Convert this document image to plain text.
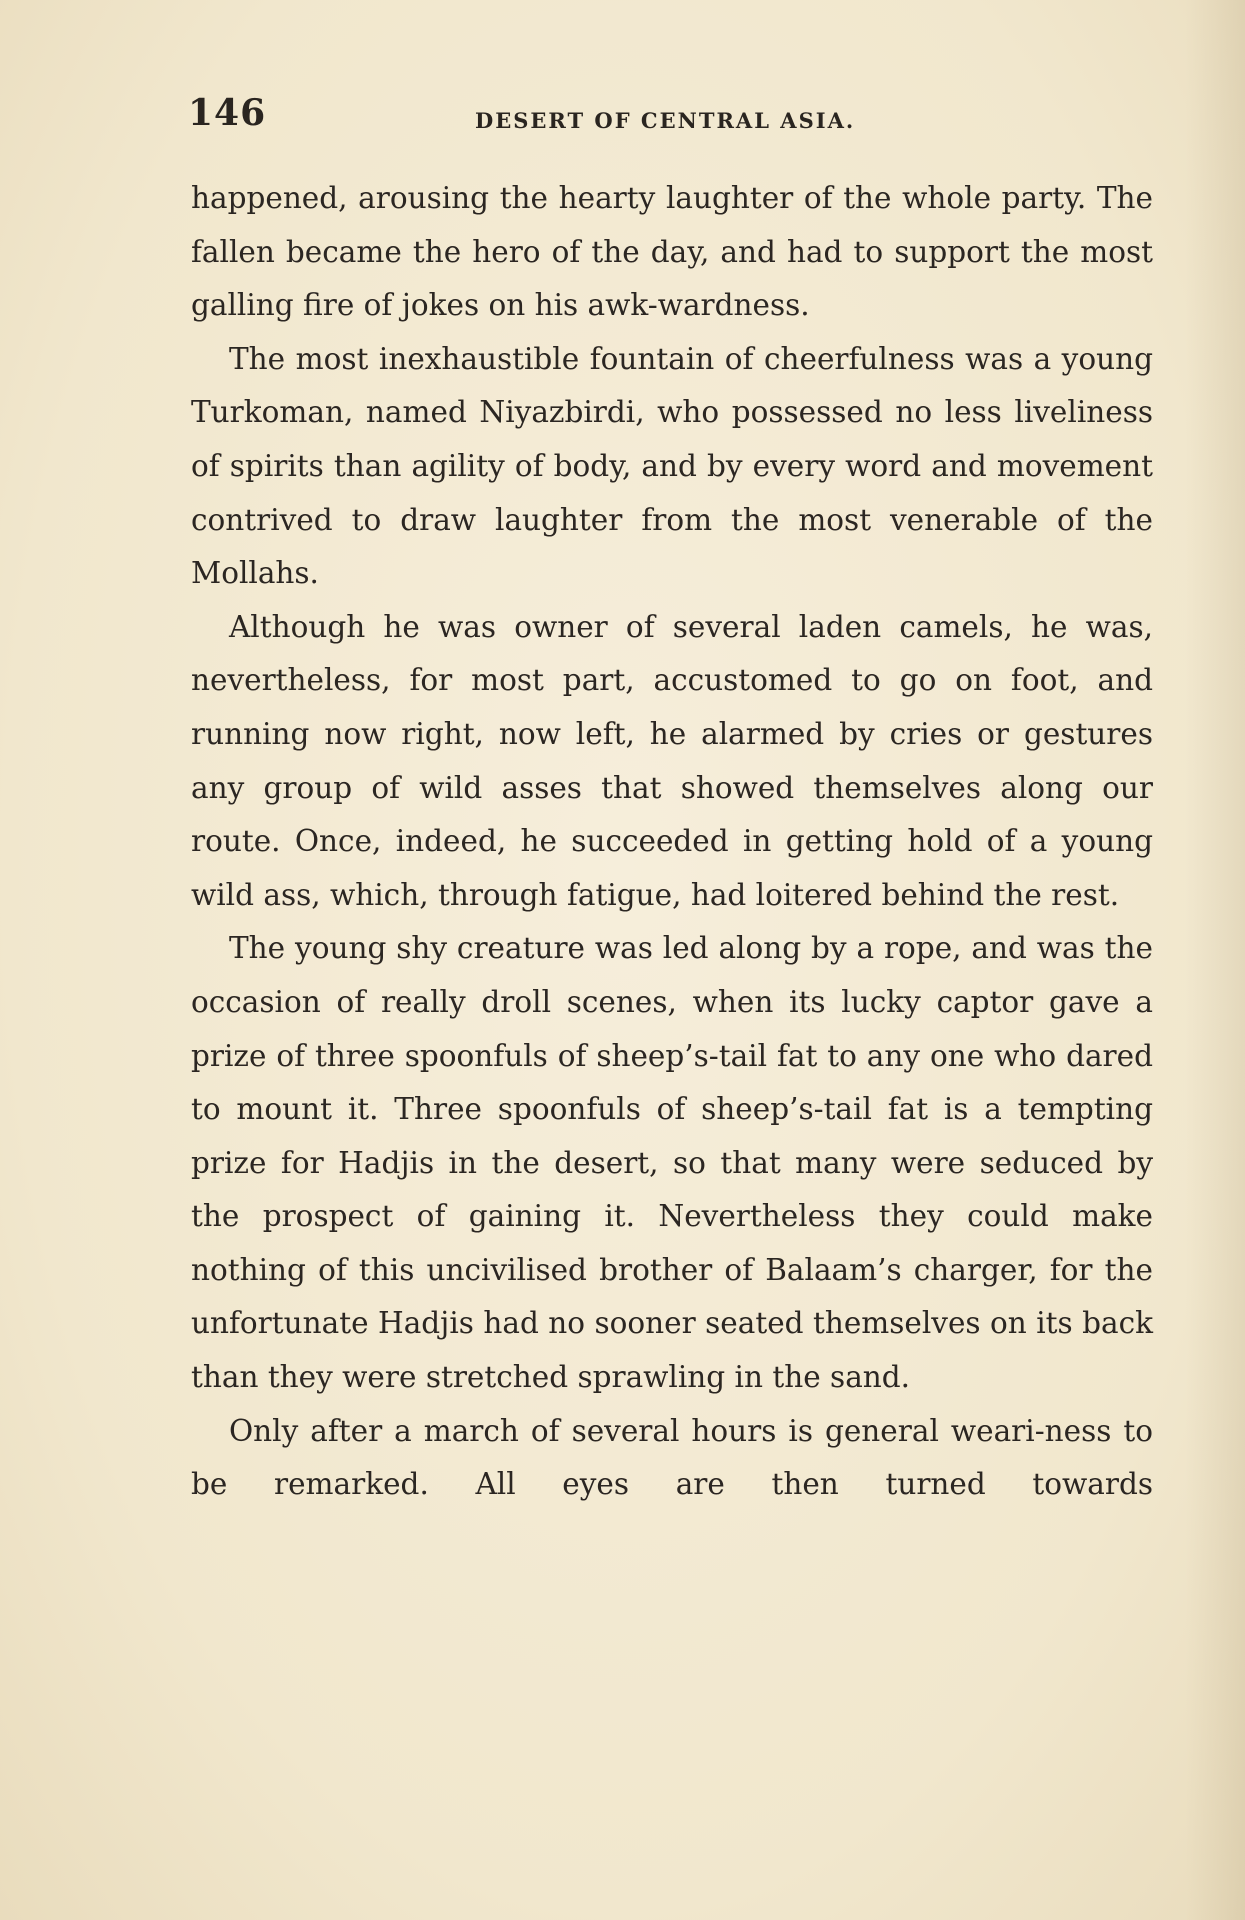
146	DESERT OF CENTRAL ASIA.

happened, arousing the hearty laughter of the whole party. The fallen became the hero of the day, and had to support the most galling fire of jokes on his awk-wardness.

The most inexhaustible fountain of cheerfulness was a young Turkoman, named Niyazbirdi, who possessed no less liveliness of spirits than agility of body, and by every word and movement contrived to draw laughter from the most venerable of the Mollahs.

Although he was owner of several laden camels, he was, nevertheless, for most part, accustomed to go on foot, and running now right, now left, he alarmed by cries or gestures any group of wild asses that showed themselves along our route. Once, indeed, he succeeded in getting hold of a young wild ass, which, through fatigue, had loitered behind the rest.

The young shy creature was led along by a rope, and was the occasion of really droll scenes, when its lucky captor gave a prize of three spoonfuls of sheep’s-tail fat to any one who dared to mount it. Three spoonfuls of sheep’s-tail fat is a tempting prize for Hadjis in the desert, so that many were seduced by the prospect of gaining it. Nevertheless they could make nothing of this uncivilised brother of Balaam’s charger, for the unfortunate Hadjis had no sooner seated themselves on its back than they were stretched sprawling in the sand.

Only after a march of several hours is general weari-ness to be remarked. All eyes are then turned towards
